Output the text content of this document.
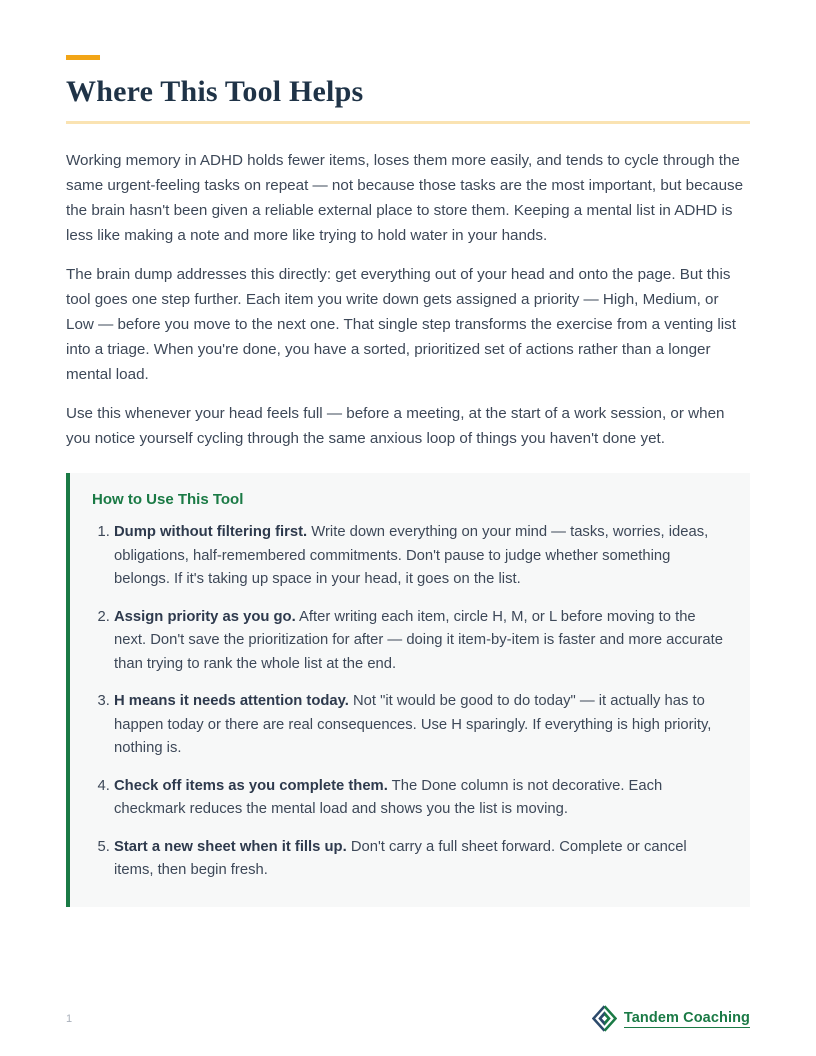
Where This Tool Helps

Working memory in ADHD holds fewer items, loses them more easily, and tends to cycle through the same urgent-feeling tasks on repeat — not because those tasks are the most important, but because the brain hasn't been given a reliable external place to store them. Keeping a mental list in ADHD is less like making a note and more like trying to hold water in your hands.

The brain dump addresses this directly: get everything out of your head and onto the page. But this tool goes one step further. Each item you write down gets assigned a priority — High, Medium, or Low — before you move to the next one. That single step transforms the exercise from a venting list into a triage. When you're done, you have a sorted, prioritized set of actions rather than a longer mental load.

Use this whenever your head feels full — before a meeting, at the start of a work session, or when you notice yourself cycling through the same anxious loop of things you haven't done yet.

How to Use This Tool
1. Dump without filtering first. Write down everything on your mind — tasks, worries, ideas, obligations, half-remembered commitments. Don't pause to judge whether something belongs. If it's taking up space in your head, it goes on the list.
2. Assign priority as you go. After writing each item, circle H, M, or L before moving to the next. Don't save the prioritization for after — doing it item-by-item is faster and more accurate than trying to rank the whole list at the end.
3. H means it needs attention today. Not "it would be good to do today" — it actually has to happen today or there are real consequences. Use H sparingly. If everything is high priority, nothing is.
4. Check off items as you complete them. The Done column is not decorative. Each checkmark reduces the mental load and shows you the list is moving.
5. Start a new sheet when it fills up. Don't carry a full sheet forward. Complete or cancel items, then begin fresh.
1	Tandem Coaching
